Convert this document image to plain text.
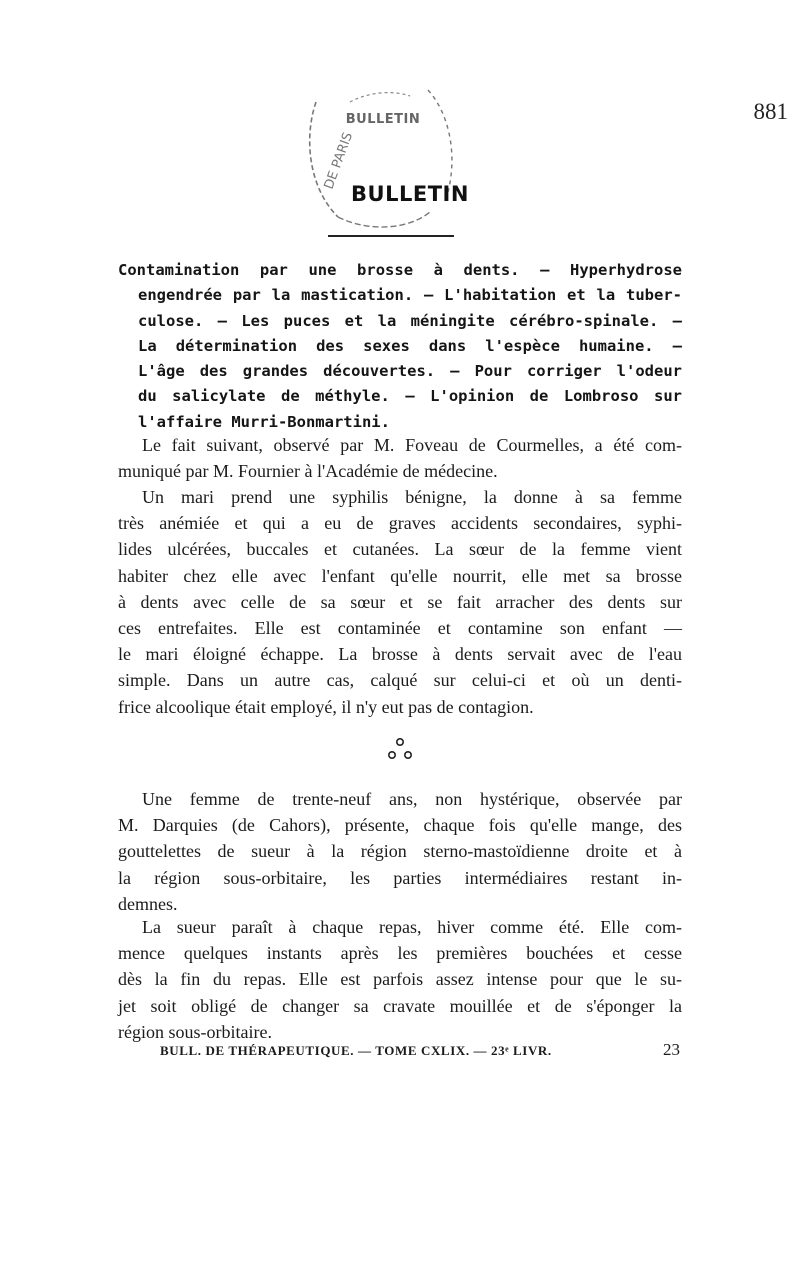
DE PARIS
BULLETIN	881
BULLETIN
Contamination par une brosse à dents. — Hyperhydrose
engendrée par la mastication. — L'habitation et la tuber-
culose. — Les puces et la méningite cérébro-spinale. —
La détermination des sexes dans l'espèce humaine. —
L'âge des grandes découvertes. — Pour corriger l'odeur
du salicylate de méthyle. — L'opinion de Lombroso sur
l'affaire Murri-Bonmartini.
Le fait suivant, observé par M. Foveau de Courmelles, a été com-
muniqué par M. Fournier à l'Académie de médecine.
Un mari prend une syphilis bénigne, la donne à sa femme
très anémiée et qui a eu de graves accidents secondaires, syphi-
lides ulcérées, buccales et cutanées. La sœur de la femme vient
habiter chez elle avec l'enfant qu'elle nourrit, elle met sa brosse
à dents avec celle de sa sœur et se fait arracher des dents sur
ces entrefaites. Elle est contaminée et contamine son enfant —
le mari éloigné échappe. La brosse à dents servait avec de l'eau
simple. Dans un autre cas, calqué sur celui-ci et où un denti-
frice alcoolique était employé, il n'y eut pas de contagion.
Une femme de trente-neuf ans, non hystérique, observée par
M. Darquies (de Cahors), présente, chaque fois qu'elle mange, des
gouttelettes de sueur à la région sterno-mastoïdienne droite et à
la région sous-orbitaire, les parties intermédiaires restant in-
demnes.
La sueur paraît à chaque repas, hiver comme été. Elle com-
mence quelques instants après les premières bouchées et cesse
dès la fin du repas. Elle est parfois assez intense pour que le su-
jet soit obligé de changer sa cravate mouillée et de s'éponger la
région sous-orbitaire.
BULL. DE THÉRAPEUTIQUE. — TOME CXLIX. — 23ᵉ LIVR.	23
